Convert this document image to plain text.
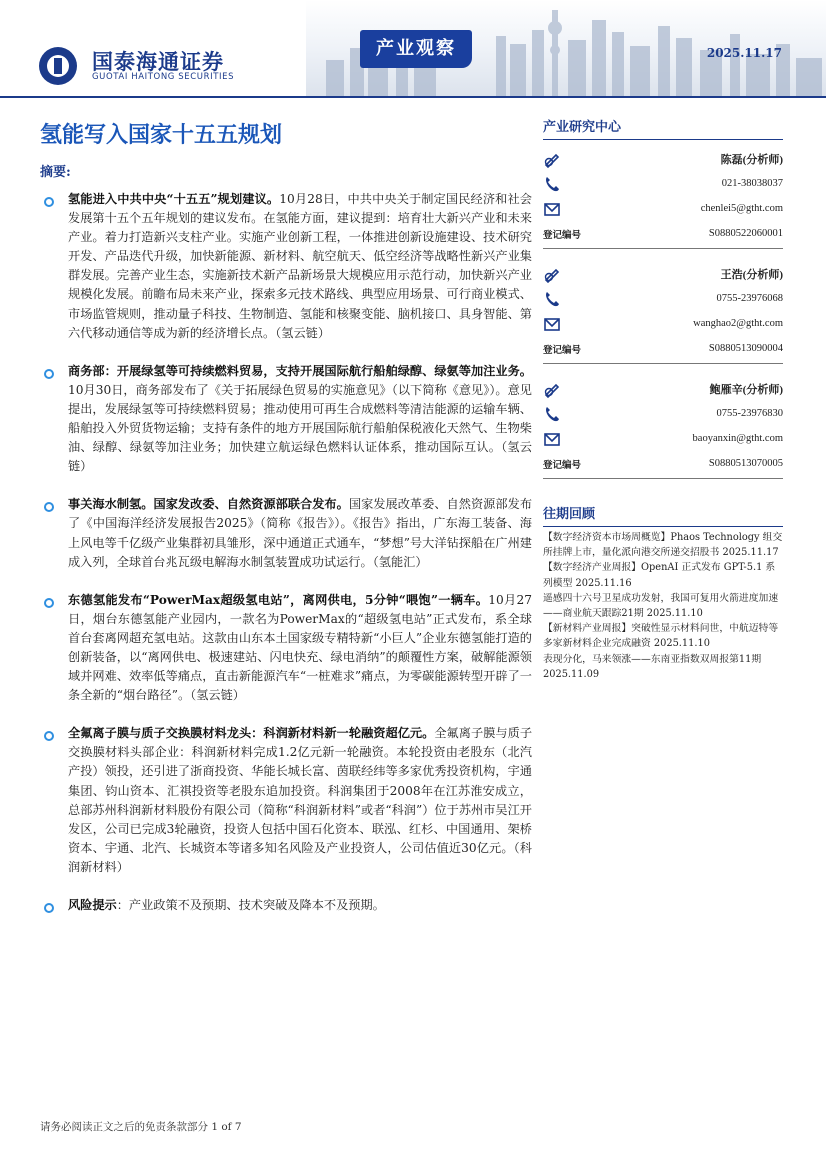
国泰海通证券
GUOTAI HAITONG SECURITIES
产业观察	2025.11.17
氢能写入国家十五五规划
摘要:

氢能进入中共中央“十五五”规划建议。10月28日，中共中央关于制定国民经济和社会发展第十五个五年规划的建议发布。在氢能方面，建议提到：培育壮大新兴产业和未来产业。着力打造新兴支柱产业。实施产业创新工程，一体推进创新设施建设、技术研究开发、产品迭代升级，加快新能源、新材料、航空航天、低空经济等战略性新兴产业集群发展。完善产业生态，实施新技术新产品新场景大规模应用示范行动，加快新兴产业规模化发展。前瞻布局未来产业，探索多元技术路线、典型应用场景、可行商业模式、市场监管规则，推动量子科技、生物制造、氢能和核聚变能、脑机接口、具身智能、第六代移动通信等成为新的经济增长点。（氢云链）

商务部：开展绿氢等可持续燃料贸易，支持开展国际航行船舶绿醇、绿氨等加注业务。10月30日，商务部发布了《关于拓展绿色贸易的实施意见》（以下简称《意见》）。意见提出，发展绿氢等可持续燃料贸易；推动使用可再生合成燃料等清洁能源的运输车辆、船舶投入外贸货物运输；支持有条件的地方开展国际航行船舶保税液化天然气、生物柴油、绿醇、绿氨等加注业务；加快建立航运绿色燃料认证体系，推动国际互认。（氢云链）

事关海水制氢。国家发改委、自然资源部联合发布。国家发展改革委、自然资源部发布了《中国海洋经济发展报告2025》（简称《报告》）。《报告》指出，广东海工装备、海上风电等千亿级产业集群初具雏形，深中通道正式通车，“梦想”号大洋钻探船在广州建成入列，全球首台兆瓦级电解海水制氢装置成功试运行。（氢能汇）

东德氢能发布“PowerMax超级氢电站”，离网供电，5分钟“喂饱”一辆车。10月27日，烟台东德氢能产业园内，一款名为PowerMax的“超级氢电站”正式发布，系全球首台套离网超充氢电站。这款由山东本土国家级专精特新“小巨人”企业东德氢能打造的创新装备，以“离网供电、极速建站、闪电快充、绿电消纳”的颠覆性方案，破解能源领域并网难、效率低等痛点，直击新能源汽车“一桩难求”痛点，为零碳能源转型开辟了一条全新的“烟台路径”。（氢云链）

全氟离子膜与质子交换膜材料龙头：科润新材料新一轮融资超亿元。全氟离子膜与质子交换膜材料头部企业：科润新材料完成1.2亿元新一轮融资。本轮投资由老股东（北汽产投）领投，还引进了浙商投资、华能长城长富、茵联经纬等多家优秀投资机构，宇通集团、钧山资本、汇祺投资等老股东追加投资。科润集团于2008年在江苏淮安成立，总部苏州科润新材料股份有限公司（简称“科润新材料”或者“科润”）位于苏州市吴江开发区，公司已完成3轮融资，投资人包括中国石化资本、联泓、红杉、中国通用、架桥资本、宇通、北汽、长城资本等诸多知名风险及产业投资人，公司估值近30亿元。（科润新材料）

风险提示：产业政策不及预期、技术突破及降本不及预期。

产业研究中心
陈磊(分析师)
021-38038037
chenlei5@gtht.com
登记编号	S0880522060001
王浩(分析师)
0755-23976068
wanghao2@gtht.com
登记编号	S0880513090004
鲍雁辛(分析师)
0755-23976830
baoyanxin@gtht.com
登记编号	S0880513070005
往期回顾
【数字经济资本市场周概览】Phaos Technology 组交所挂牌上市，量化派向港交所递交招股书 2025.11.17
【数字经济产业周报】OpenAI 正式发布 GPT-5.1 系列模型 2025.11.16
遥感四十六号卫星成功发射，我国可复用火箭进度加速——商业航天跟踪21期 2025.11.10
【新材料产业周报】突破性显示材料问世，中航迈特等多家新材料企业完成融资 2025.11.10
表现分化，马来领涨——东南亚指数双周报第11期 2025.11.09
请务必阅读正文之后的免责条款部分 1 of 7
